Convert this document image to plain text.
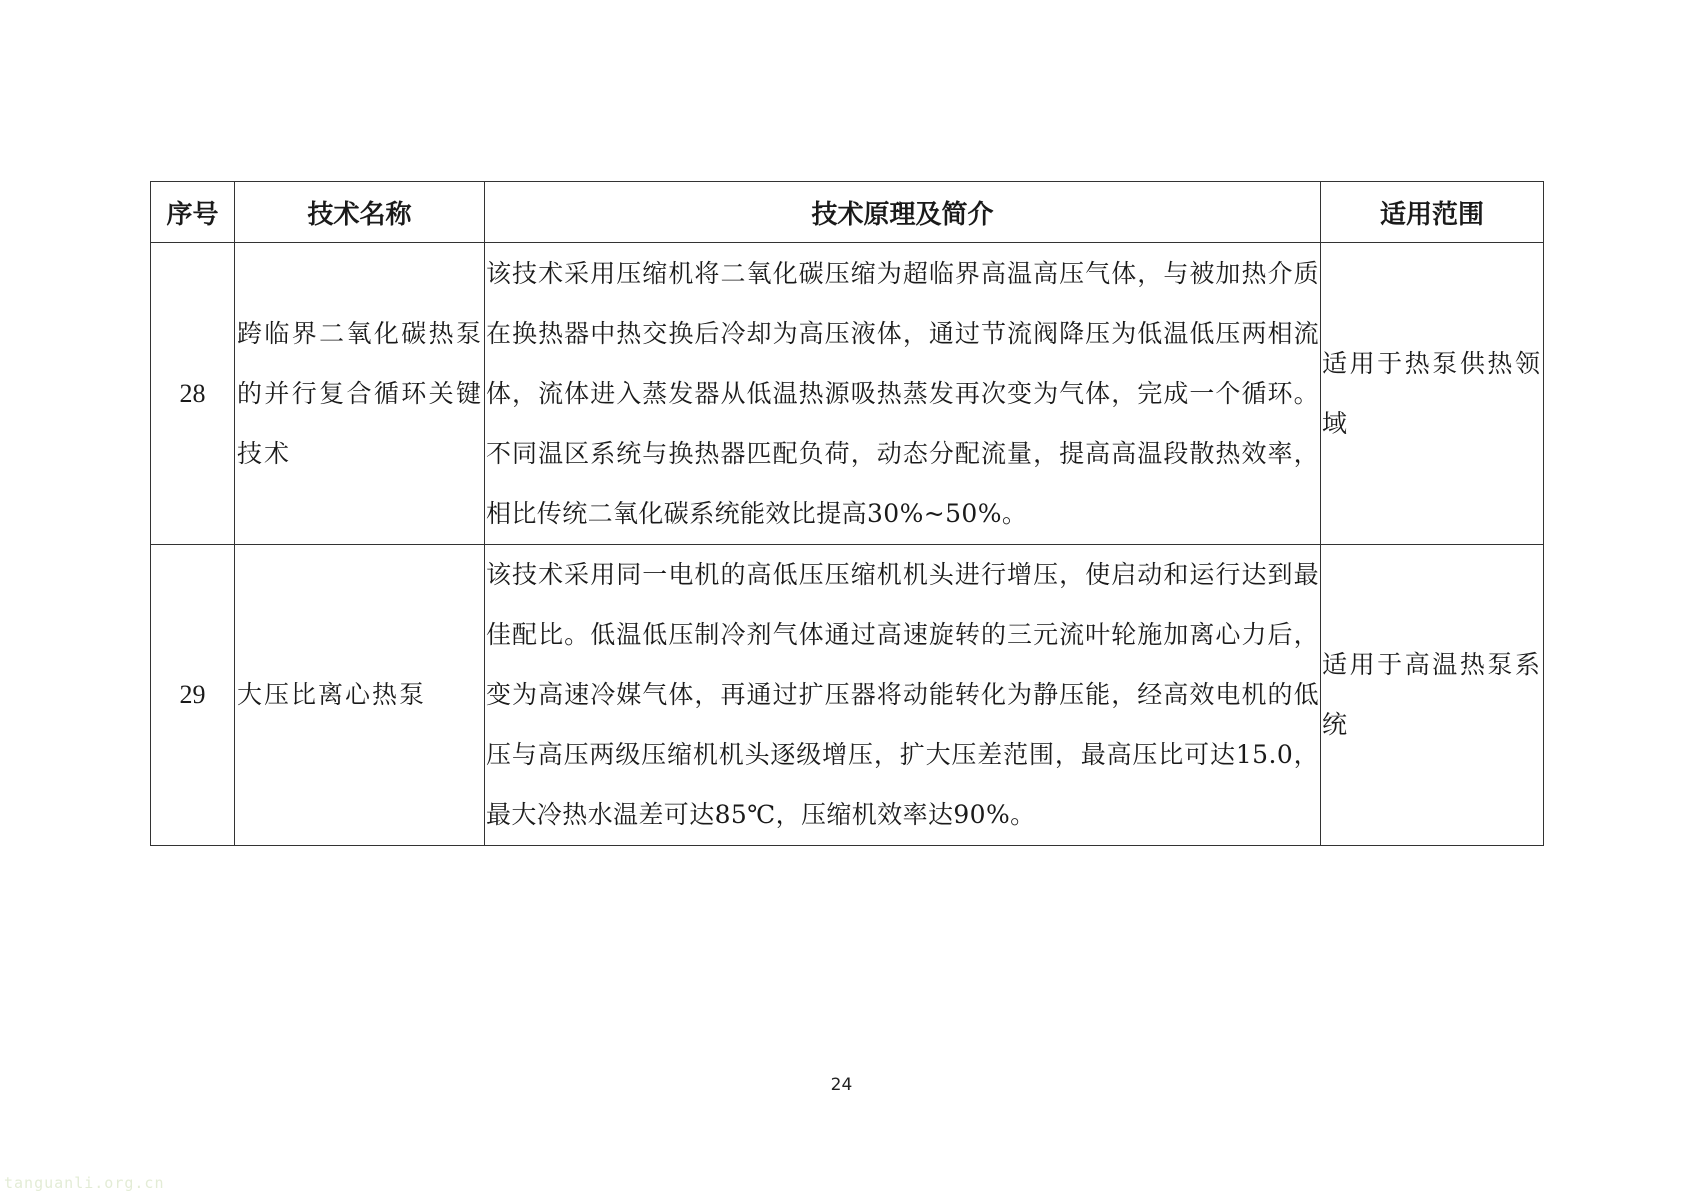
序号	技术名称	技术原理及简介	适用范围
28	跨临界二氧化碳热泵的并行复合循环关键技术	该技术采用压缩机将二氧化碳压缩为超临界高温高压气体，与被加热介质在换热器中热交换后冷却为高压液体，通过节流阀降压为低温低压两相流体，流体进入蒸发器从低温热源吸热蒸发再次变为气体，完成一个循环。不同温区系统与换热器匹配负荷，动态分配流量，提高高温段散热效率，相比传统二氧化碳系统能效比提高30%~50%。	适用于热泵供热领域
29	大压比离心热泵	该技术采用同一电机的高低压压缩机机头进行增压，使启动和运行达到最佳配比。低温低压制冷剂气体通过高速旋转的三元流叶轮施加离心力后，变为高速冷媒气体，再通过扩压器将动能转化为静压能，经高效电机的低压与高压两级压缩机机头逐级增压，扩大压差范围，最高压比可达15.0，最大冷热水温差可达85℃，压缩机效率达90%。	适用于高温热泵系统
24
tanguanli.org.cn
